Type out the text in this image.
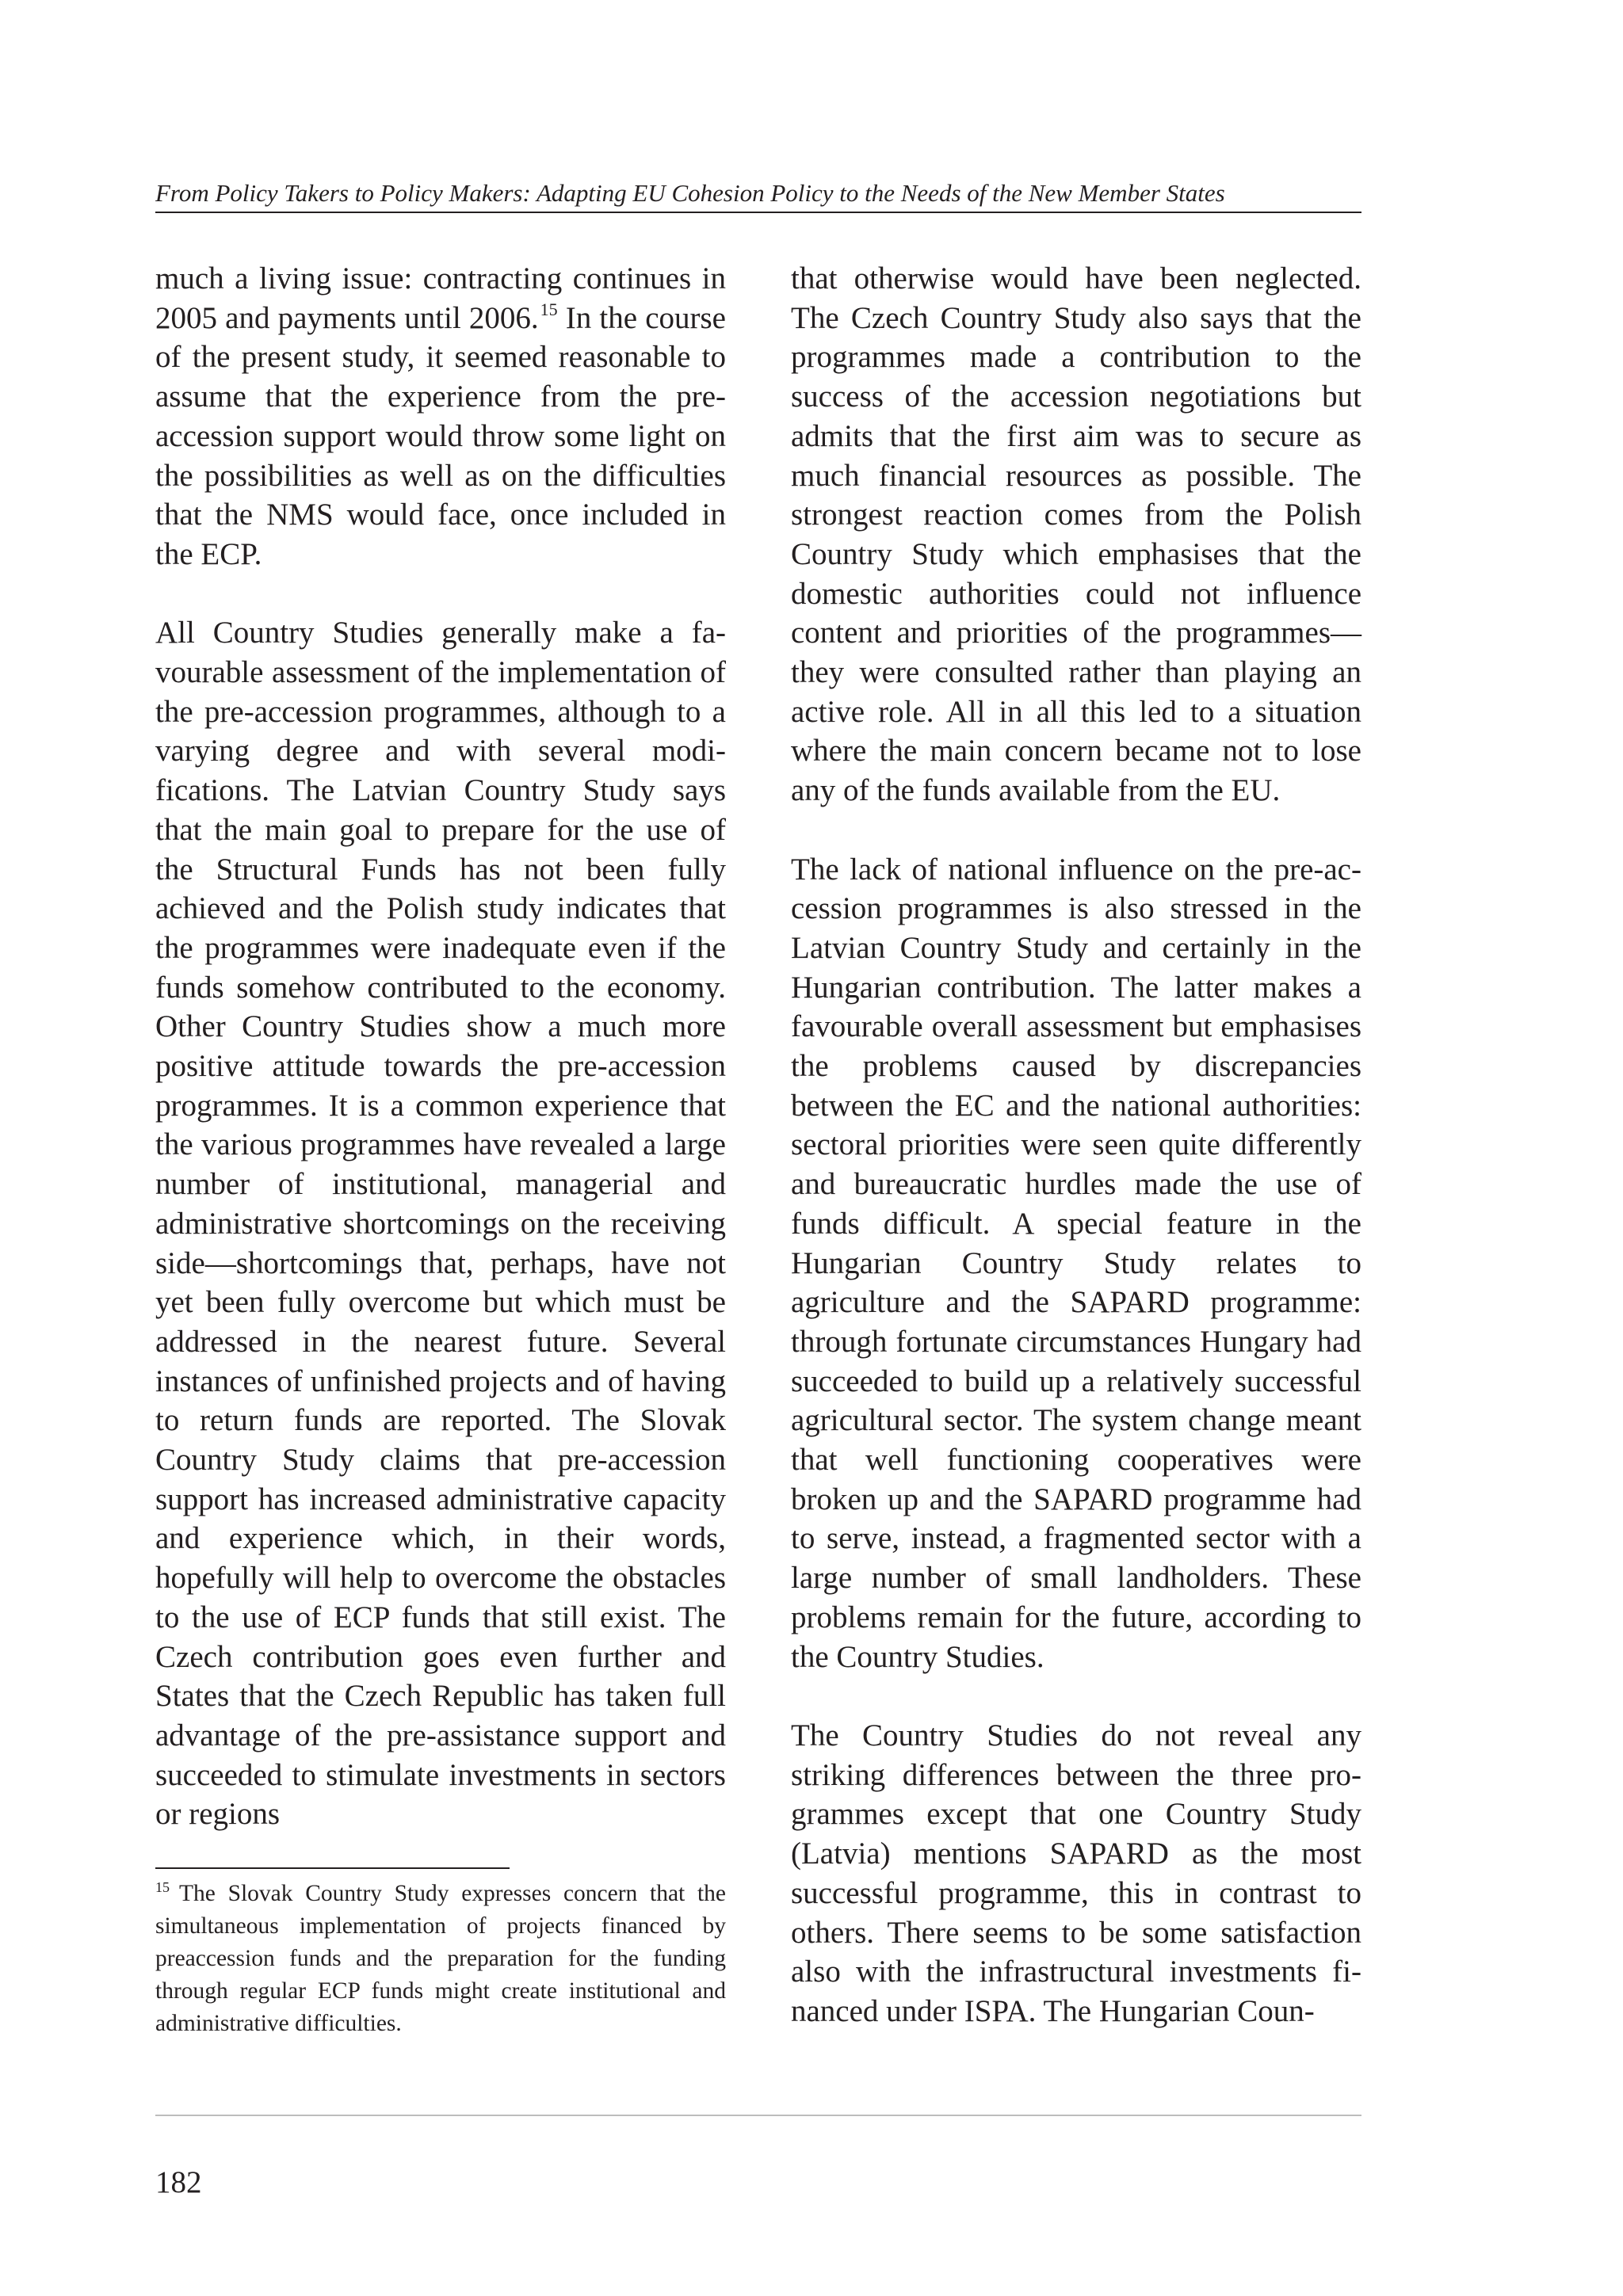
From Policy Takers to Policy Makers: Adapting EU Cohesion Policy to the Needs of the New Member States

much a living issue: contracting continues in 2005 and payments until 2006.15 In the course of the present study, it seemed reasonable to assume that the experience from the pre-accession support would throw some light on the possibilities as well as on the difficulties that the NMS would face, once included in the ECP.

All Country Studies generally make a favourable assessment of the implementation of the pre-accession programmes, although to a varying degree and with several modifications. The Latvian Country Study says that the main goal to prepare for the use of the Structural Funds has not been fully achieved and the Polish study indicates that the programmes were inadequate even if the funds somehow contributed to the economy. Other Country Studies show a much more positive attitude towards the pre-accession programmes. It is a common experience that the various programmes have revealed a large number of institutional, managerial and administrative shortcomings on the receiving side—shortcomings that, perhaps, have not yet been fully overcome but which must be addressed in the nearest future. Several instances of unfinished projects and of having to return funds are reported. The Slovak Country Study claims that pre-accession support has increased administrative capacity and experience which, in their words, hopefully will help to overcome the obstacles to the use of ECP funds that still exist. The Czech contribution goes even further and States that the Czech Republic has taken full advantage of the pre-assistance support and succeeded to stimulate investments in sectors or regions

that otherwise would have been neglected. The Czech Country Study also says that the programmes made a contribution to the success of the accession negotiations but admits that the first aim was to secure as much financial resources as possible. The strongest reaction comes from the Polish Country Study which emphasises that the domestic authorities could not influence content and priorities of the programmes—they were consulted rather than playing an active role. All in all this led to a situation where the main concern became not to lose any of the funds available from the EU.

The lack of national influence on the pre-accession programmes is also stressed in the Latvian Country Study and certainly in the Hungarian contribution. The latter makes a favourable overall assessment but emphasises the problems caused by discrepancies between the EC and the national authorities: sectoral priorities were seen quite differently and bureaucratic hurdles made the use of funds difficult. A special feature in the Hungarian Country Study relates to agriculture and the SAPARD programme: through fortunate circumstances Hungary had succeeded to build up a relatively successful agricultural sector. The system change meant that well functioning cooperatives were broken up and the SAPARD programme had to serve, instead, a fragmented sector with a large number of small landholders. These problems remain for the future, according to the Country Studies.

The Country Studies do not reveal any striking differences between the three programmes except that one Country Study (Latvia) mentions SAPARD as the most successful programme, this in contrast to others. There seems to be some satisfaction also with the infrastructural investments financed under ISPA. The Hungarian Coun-

$^{15}$ The Slovak Country Study expresses concern that the simultaneous implementation of projects financed by preaccession funds and the preparation for the funding through regular ECP funds might create institutional and administrative difficulties.
182
